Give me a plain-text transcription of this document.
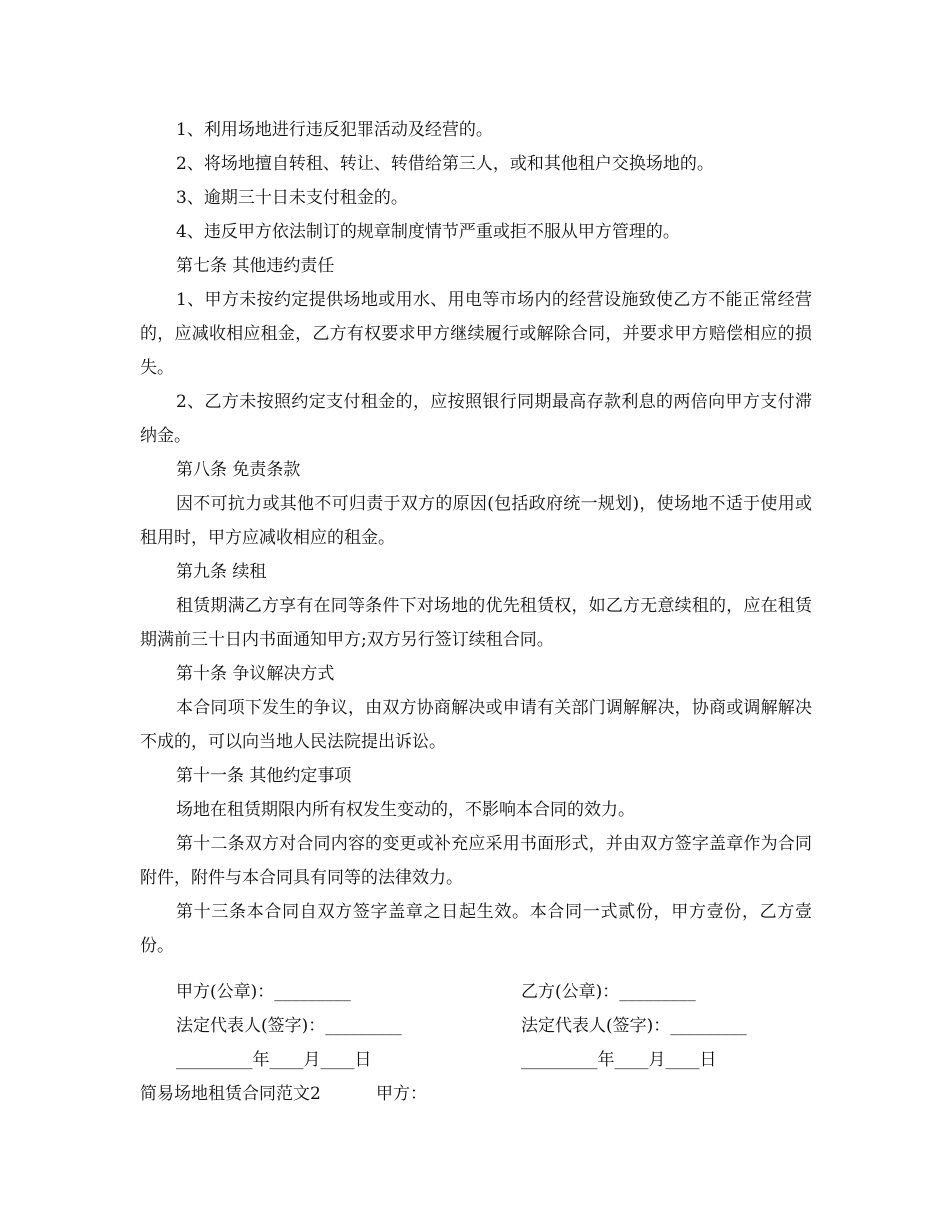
1、利用场地进行违反犯罪活动及经营的。

2、将场地擅自转租、转让、转借给第三人，或和其他租户交换场地的。

3、逾期三十日未支付租金的。

4、违反甲方依法制订的规章制度情节严重或拒不服从甲方管理的。

第七条 其他违约责任

1、甲方未按约定提供场地或用水、用电等市场内的经营设施致使乙方不能正常经营的，应减收相应租金，乙方有权要求甲方继续履行或解除合同，并要求甲方赔偿相应的损失。

2、乙方未按照约定支付租金的，应按照银行同期最高存款利息的两倍向甲方支付滞纳金。

第八条 免责条款

因不可抗力或其他不可归责于双方的原因(包括政府统一规划)，使场地不适于使用或租用时，甲方应减收相应的租金。

第九条 续租

租赁期满乙方享有在同等条件下对场地的优先租赁权，如乙方无意续租的，应在租赁期满前三十日内书面通知甲方;双方另行签订续租合同。

第十条 争议解决方式

本合同项下发生的争议，由双方协商解决或申请有关部门调解解决，协商或调解解决不成的，可以向当地人民法院提出诉讼。

第十一条 其他约定事项

场地在租赁期限内所有权发生变动的，不影响本合同的效力。

第十二条双方对合同内容的变更或补充应采用书面形式，并由双方签字盖章作为合同附件，附件与本合同具有同等的法律效力。

第十三条本合同自双方签字盖章之日起生效。本合同一式贰份，甲方壹份，乙方壹份。

甲方(公章)：_________	乙方(公章)：_________
法定代表人(签字)：_________	法定代表人(签字)：_________
_________年____月____日	_________年____月____日
简易场地租赁合同范文2	甲方：
